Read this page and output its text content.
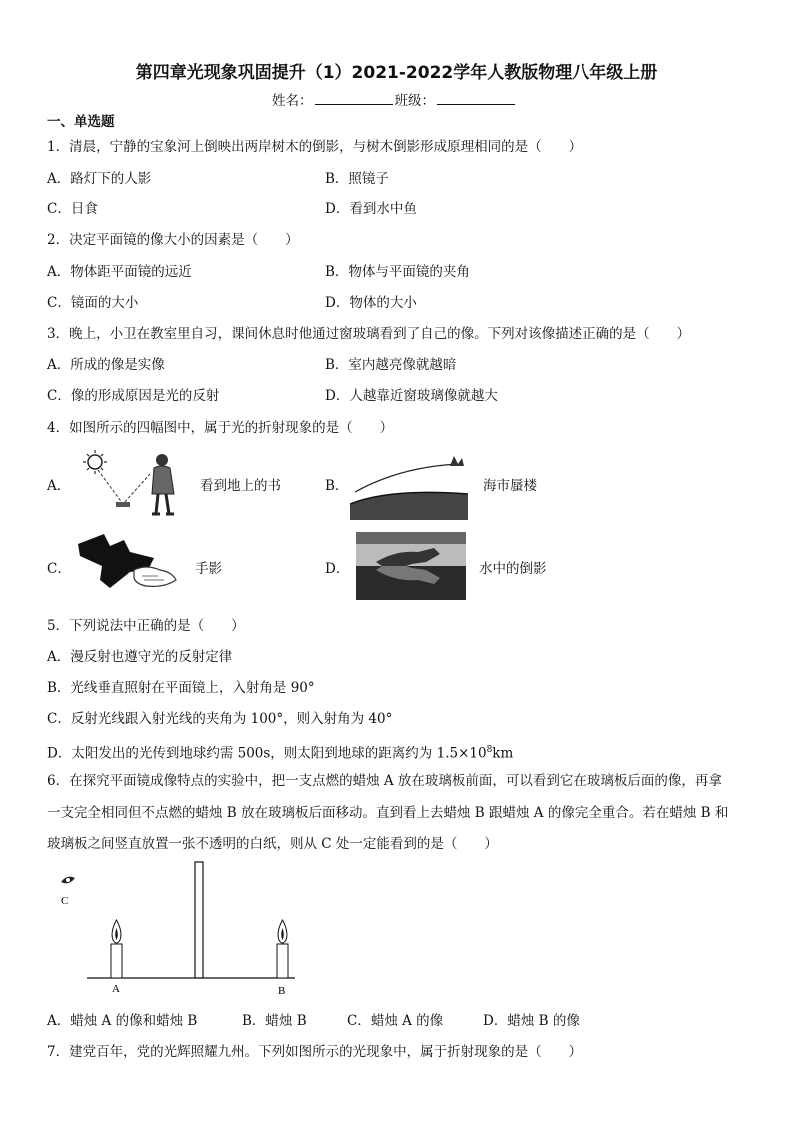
第四章光现象巩固提升（1）2021-2022学年人教版物理八年级上册
姓名：	班级：
一、单选题
1．清晨，宁静的宝象河上倒映出两岸树木的倒影，与树木倒影形成原理相同的是（　　）
A．路灯下的人影	B．照镜子
C．日食	D．看到水中鱼
2．决定平面镜的像大小的因素是（　　）
A．物体距平面镜的远近	B．物体与平面镜的夹角
C．镜面的大小	D．物体的大小
3．晚上，小卫在教室里自习，课间休息时他通过窗玻璃看到了自己的像。下列对该像描述正确的是（　　）
A．所成的像是实像	B．室内越亮像就越暗
C．像的形成原因是光的反射	D．人越靠近窗玻璃像就越大
4．如图所示的四幅图中，属于光的折射现象的是（　　）
A．	看到地上的书	B．	海市蜃楼
C．	手影	D．	水中的倒影
5．下列说法中正确的是（　　）
A．漫反射也遵守光的反射定律
B．光线垂直照射在平面镜上，入射角是 90°
C．反射光线跟入射光线的夹角为 100°，则入射角为 40°
D．太阳发出的光传到地球约需 500s，则太阳到地球的距离约为 $1.5\times 10^8km$
6．在探究平面镜成像特点的实验中，把一支点燃的蜡烛 A 放在玻璃板前面，可以看到它在玻璃板后面的像，再拿
一支完全相同但不点燃的蜡烛 B 放在玻璃板后面移动。直到看上去蜡烛 B 跟蜡烛 A 的像完全重合。若在蜡烛 B 和
玻璃板之间竖直放置一张不透明的白纸，则从 C 处一定能看到的是（　　）
C
A	B
A．蜡烛 A 的像和蜡烛 B	B．蜡烛 B	C．蜡烛 A 的像	D．蜡烛 B 的像
7．建党百年，党的光辉照耀九州。下列如图所示的光现象中，属于折射现象的是（　　）
